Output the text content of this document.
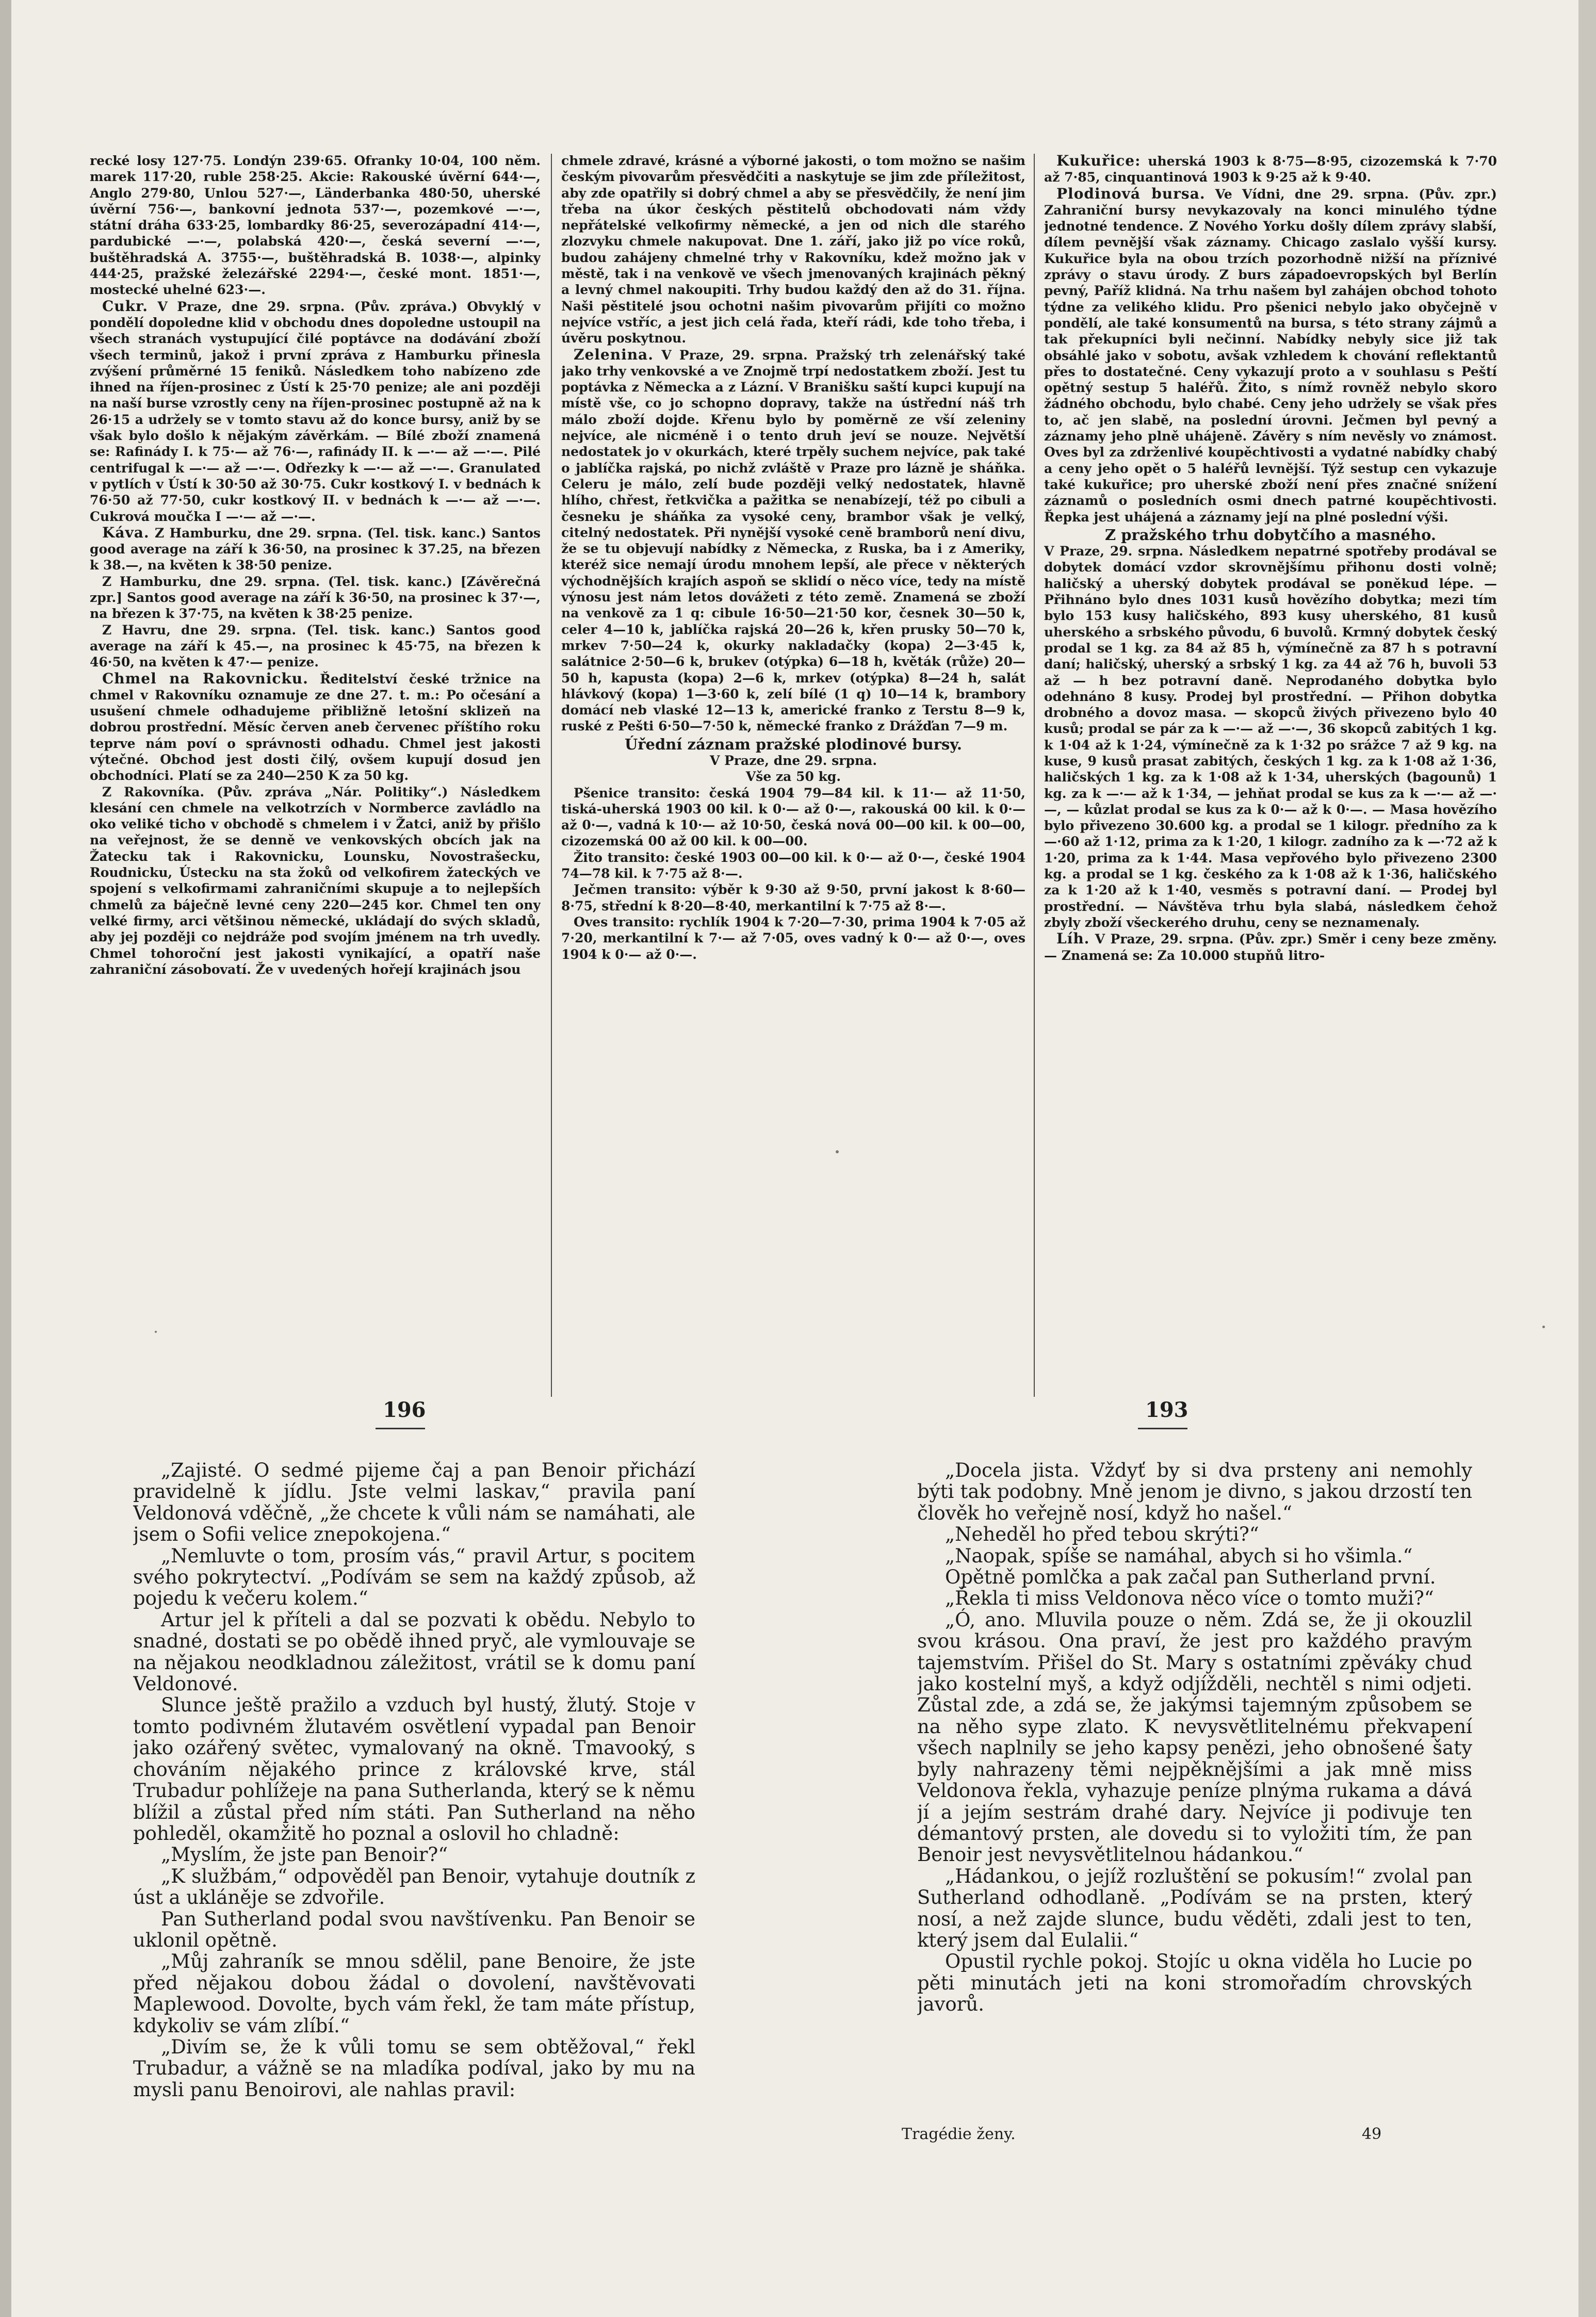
recké losy 127·75. Londýn 239·65. Ofranky 10·04, 100 něm. marek 117·20, ruble 258·25. Akcie: Rakouské úvěrní 644·—, Anglo 279·80, Unlou 527·—, Länderbanka 480·50, uherské úvěrní 756·—, bankovní jednota 537·—, pozemkové —·—, státní dráha 633·25, lombardky 86·25, severozápadní 414·—, pardubické —·—, polabská 420·—, česká severní —·—, buštěhradská A. 3755·—, buštěhradská B. 1038·—, alpinky 444·25, pražské železářské 2294·—, české mont. 1851·—, mostecké uhelné 623·—.

Cukr. V Praze, dne 29. srpna. (Pův. zpráva.) Obvyklý v pondělí dopoledne klid v obchodu dnes dopoledne ustoupil na všech stranách vystupující čilé poptávce na dodávání zboží všech terminů, jakož i první zpráva z Hamburku přinesla zvýšení průměrné 15 feniků. Následkem toho nabízeno zde ihned na říjen-prosinec z Ústí k 25·70 penize; ale ani později na naší burse vzrostly ceny na říjen-prosinec postupně až na k 26·15 a udržely se v tomto stavu až do konce bursy, aniž by se však bylo došlo k nějakým závěrkám. — Bílé zboží znamená se: Rafinády I. k 75·— až 76·—, rafinády II. k —·— až —·—. Pilé centrifugal k —·— až —·—. Odřezky k —·— až —·—. Granulated v pytlích v Ústí k 30·50 až 30·75. Cukr kostkový I. v bednách k 76·50 až 77·50, cukr kostkový II. v bednách k —·— až —·—. Cukrová moučka I —·— až —·—.

Káva. Z Hamburku, dne 29. srpna. (Tel. tisk. kanc.) Santos good average na září k 36·50, na prosinec k 37.25, na březen k 38.—, na květen k 38·50 penize.

Z Hamburku, dne 29. srpna. (Tel. tisk. kanc.) [Závěrečná zpr.] Santos good average na září k 36·50, na prosinec k 37·—, na březen k 37·75, na květen k 38·25 penize.

Z Havru, dne 29. srpna. (Tel. tisk. kanc.) Santos good average na září k 45.—, na prosinec k 45·75, na březen k 46·50, na květen k 47·— penize.

Chmel na Rakovnicku. Ředitelství české tržnice na chmel v Rakovníku oznamuje ze dne 27. t. m.: Po očesání a usušení chmele odhadujeme přibližně letošní sklizeň na dobrou prostřední. Měsíc červen aneb červenec příštího roku teprve nám poví o správnosti odhadu. Chmel jest jakosti výtečné. Obchod jest dosti čilý, ovšem kupují dosud jen obchodníci. Platí se za 240—250 K za 50 kg.

Z Rakovníka. (Pův. zpráva „Nár. Politiky“.) Následkem klesání cen chmele na velkotrzích v Normberce zavládlo na oko veliké ticho v obchodě s chmelem i v Žatci, aniž by přišlo na veřejnost, že se denně ve venkovských obcích jak na Žatecku tak i Rakovnicku, Lounsku, Novostrašecku, Roudnicku, Ústecku na sta žoků od velkofirem žateckých ve spojení s velkofirmami zahraničními skupuje a to nejlepších chmelů za báječně levné ceny 220—245 kor. Chmel ten ony velké firmy, arci většinou německé, ukládají do svých skladů, aby jej později co nejdráže pod svojím jménem na trh uvedly. Chmel tohoroční jest jakosti vynikající, a opatří naše zahraniční zásobovatí. Že v uvedených hořejí krajinách jsou

chmele zdravé, krásné a výborné jakosti, o tom možno se našim českým pivovarům přesvědčiti a naskytuje se jim zde příležitost, aby zde opatřily si dobrý chmel a aby se přesvědčily, že není jim třeba na úkor českých pěstitelů obchodovati nám vždy nepřátelské velkofirmy německé, a jen od nich dle starého zlozvyku chmele nakupovat. Dne 1. září, jako již po více roků, budou zahájeny chmelné trhy v Rakovníku, kdež možno jak v městě, tak i na venkově ve všech jmenovaných krajinách pěkný a levný chmel nakoupiti. Trhy budou každý den až do 31. října. Naši pěstitelé jsou ochotni našim pivovarům přijíti co možno nejvíce vstříc, a jest jich celá řada, kteří rádi, kde toho třeba, i úvěru poskytnou.

Zelenina. V Praze, 29. srpna. Pražský trh zelenářský také jako trhy venkovské a ve Znojmě trpí nedostatkem zboží. Jest tu poptávka z Německa a z Lázní. V Branišku saští kupci kupují na místě vše, co jo schopno dopravy, takže na ústřední náš trh málo zboží dojde. Křenu bylo by poměrně ze vší zeleniny nejvíce, ale nicméně i o tento druh jeví se nouze. Největší nedostatek jo v okurkách, které trpěly suchem nejvíce, pak také o jablíčka rajská, po nichž zvláště v Praze pro lázně je sháňka. Celeru je málo, zelí bude později velký nedostatek, hlavně hlího, chřest, řetkvička a pažitka se nenabízejí, též po cibuli a česneku je sháňka za vysoké ceny, brambor však je velký, citelný nedostatek. Při nynější vysoké ceně bramborů není divu, že se tu objevují nabídky z Německa, z Ruska, ba i z Ameriky, kteréž sice nemají úrodu mnohem lepší, ale přece v některých východnějších krajích aspoň se sklidí o něco více, tedy na místě výnosu jest nám letos dovážeti z této země. Znamená se zboží na venkově za 1 q: cibule 16·50—21·50 kor, česnek 30—50 k, celer 4—10 k, jablíčka rajská 20—26 k, křen prusky 50—70 k, mrkev 7·50—24 k, okurky nakladačky (kopa) 2—3·45 k, salátnice 2·50—6 k, brukev (otýpka) 6—18 h, květák (růže) 20—50 h, kapusta (kopa) 2—6 k, mrkev (otýpka) 8—24 h, salát hlávkový (kopa) 1—3·60 k, zelí bílé (1 q) 10—14 k, brambory domácí neb vlaské 12—13 k, americké franko z Terstu 8—9 k, ruské z Pešti 6·50—7·50 k, německé franko z Drážďan 7—9 m.

Úřední záznam pražské plodinové bursy.

V Praze, dne 29. srpna.

Vše za 50 kg.

Pšenice transito: česká 1904 79—84 kil. k 11·— až 11·50, tiská-uherská 1903 00 kil. k 0·— až 0·—, rakouská 00 kil. k 0·— až 0·—, vadná k 10·— až 10·50, česká nová 00—00 kil. k 00—00, cizozemská 00 až 00 kil. k 00—00.

Žito transito: české 1903 00—00 kil. k 0·— až 0·—, české 1904 74—78 kil. k 7·75 až 8·—.

Ječmen transito: výběr k 9·30 až 9·50, první jakost k 8·60—8·75, střední k 8·20—8·40, merkantilní k 7·75 až 8·—.

Oves transito: rychlík 1904 k 7·20—7·30, prima 1904 k 7·05 až 7·20, merkantilní k 7·— až 7·05, oves vadný k 0·— až 0·—, oves 1904 k 0·— až 0·—.

Kukuřice: uherská 1903 k 8·75—8·95, cizozemská k 7·70 až 7·85, cinquantinová 1903 k 9·25 až k 9·40.

Plodinová bursa. Ve Vídni, dne 29. srpna. (Pův. zpr.) Zahraniční bursy nevykazovaly na konci minulého týdne jednotné tendence. Z Nového Yorku došly dílem zprávy slabší, dílem pevnější však záznamy. Chicago zaslalo vyšší kursy. Kukuřice byla na obou trzích pozorhodně nižší na příznivé zprávy o stavu úrody. Z burs západoevropských byl Berlín pevný, Paříž klidná. Na trhu našem byl zahájen obchod tohoto týdne za velikého klidu. Pro pšenici nebylo jako obyčejně v pondělí, ale také konsumentů na bursa, s této strany zájmů a tak překupníci byli nečinní. Nabídky nebyly sice již tak obsáhlé jako v sobotu, avšak vzhledem k chování reflektantů přes to dostatečné. Ceny vykazují proto a v souhlasu s Peští opětný sestup 5 haléřů. Žito, s nímž rovněž nebylo skoro žádného obchodu, bylo chabé. Ceny jeho udržely se však přes to, ač jen slabě, na poslední úrovni. Ječmen byl pevný a záznamy jeho plně uhájeně. Závěry s ním nevěsly vo známost. Oves byl za zdrženlivé koupěchtivosti a vydatné nabídky chabý a ceny jeho opět o 5 haléřů levnější. Týž sestup cen vykazuje také kukuřice; pro uherské zboží není přes značné snížení záznamů o posledních osmi dnech patrné koupěchtivosti. Řepka jest uhájená a záznamy její na plné poslední výši.

Z pražského trhu dobytčího a masného.

V Praze, 29. srpna. Následkem nepatrné spotřeby prodával se dobytek domácí vzdor skrovnějšímu přihonu dosti volně; haličský a uherský dobytek prodával se poněkud lépe. — Přihnáno bylo dnes 1031 kusů hovězího dobytka; mezi tím bylo 153 kusy haličského, 893 kusy uherského, 81 kusů uherského a srbského původu, 6 buvolů. Krmný dobytek český prodal se 1 kg. za 84 až 85 h, výmínečně za 87 h s potravní daní; haličský, uherský a srbský 1 kg. za 44 až 76 h, buvoli 53 až — h bez potravní daně. Neprodaného dobytka bylo odehnáno 8 kusy. Prodej byl prostřední. — Přihon dobytka drobného a dovoz masa. — skopců živých přivezeno bylo 40 kusů; prodal se pár za k —·— až —·—, 36 skopců zabitých 1 kg. k 1·04 až k 1·24, výmínečně za k 1·32 po srážce 7 až 9 kg. na kuse, 9 kusů prasat zabitých, českých 1 kg. za k 1·08 až 1·36, haličských 1 kg. za k 1·08 až k 1·34, uherských (bagounů) 1 kg. za k —·— až k 1·34, — jehňat prodal se kus za k —·— až —·—, — kůzlat prodal se kus za k 0·— až k 0·—. — Masa hovězího bylo přivezeno 30.600 kg. a prodal se 1 kilogr. předního za k —·60 až 1·12, prima za k 1·20, 1 kilogr. zadního za k —·72 až k 1·20, prima za k 1·44. Masa vepřového bylo přivezeno 2300 kg. a prodal se 1 kg. českého za k 1·08 až k 1·36, haličského za k 1·20 až k 1·40, vesměs s potravní daní. — Prodej byl prostřední. — Návštěva trhu byla slabá, následkem čehož zbyly zboží všeckerého druhu, ceny se neznamenaly.

Líh. V Praze, 29. srpna. (Pův. zpr.) Směr i ceny beze změny. — Znamená se: Za 10.000 stupňů litro-

196	193

„Zajisté. O sedmé pijeme čaj a pan Benoir přichází pravidelně k jídlu. Jste velmi laskav,“ pravila paní Veldonová vděčně, „že chcete k vůli nám se namáhati, ale jsem o Sofii velice znepokojena.“

„Nemluvte o tom, prosím vás,“ pravil Artur, s pocitem svého pokrytectví. „Podívám se sem na každý způsob, až pojedu k večeru kolem.“

Artur jel k příteli a dal se pozvati k obědu. Nebylo to snadné, dostati se po obědě ihned pryč, ale vymlouvaje se na nějakou neodkladnou záležitost, vrátil se k domu paní Veldonové.

Slunce ještě pražilo a vzduch byl hustý, žlutý. Stoje v tomto podivném žlutavém osvětlení vypadal pan Benoir jako ozářený světec, vymalovaný na okně. Tmavooký, s chováním nějakého prince z královské krve, stál Trubadur pohlížeje na pana Sutherlanda, který se k němu blížil a zůstal před ním státi. Pan Sutherland na něho pohleděl, okamžitě ho poznal a oslovil ho chladně:

„Myslím, že jste pan Benoir?“

„K službám,“ odpověděl pan Benoir, vytahuje doutník z úst a ukláněje se zdvořile.

Pan Sutherland podal svou navštívenku. Pan Benoir se uklonil opětně.

„Můj zahraník se mnou sdělil, pane Benoire, že jste před nějakou dobou žádal o dovolení, navštěvovati Maplewood. Dovolte, bych vám řekl, že tam máte přístup, kdykoliv se vám zlíbí.“

„Divím se, že k vůli tomu se sem obtěžoval,“ řekl Trubadur, a vážně se na mladíka podíval, jako by mu na mysli panu Benoirovi, ale nahlas pravil:

„Docela jista. Vždyť by si dva prsteny ani nemohly býti tak podobny. Mně jenom je divno, s jakou drzostí ten člověk ho veřejně nosí, když ho našel.“

„Neheděl ho před tebou skrýti?“

„Naopak, spíše se namáhal, abych si ho všimla.“

Opětně pomlčka a pak začal pan Sutherland první.

„Řekla ti miss Veldonova něco více o tomto muži?“

„Ó, ano. Mluvila pouze o něm. Zdá se, že ji okouzlil svou krásou. Ona praví, že jest pro každého pravým tajemstvím. Přišel do St. Mary s ostatními zpěváky chud jako kostelní myš, a když odjížděli, nechtěl s nimi odjeti. Zůstal zde, a zdá se, že jakýmsi tajemným způsobem se na něho sype zlato. K nevysvětlitelnému překvapení všech naplnily se jeho kapsy penězi, jeho obnošené šaty byly nahrazeny těmi nejpěknějšími a jak mně miss Veldonova řekla, vyhazuje peníze plnýma rukama a dává jí a jejím sestrám drahé dary. Nejvíce ji podivuje ten démantový prsten, ale dovedu si to vyložiti tím, že pan Benoir jest nevysvětlitelnou hádankou.“

„Hádankou, o jejíž rozluštění se pokusím!“ zvolal pan Sutherland odhodlaně. „Podívám se na prsten, který nosí, a než zajde slunce, budu věděti, zdali jest to ten, který jsem dal Eulalii.“

Opustil rychle pokoj. Stojíc u okna viděla ho Lucie po pěti minutách jeti na koni stromořadím chrovských javorů.

Tragédie ženy.	49
